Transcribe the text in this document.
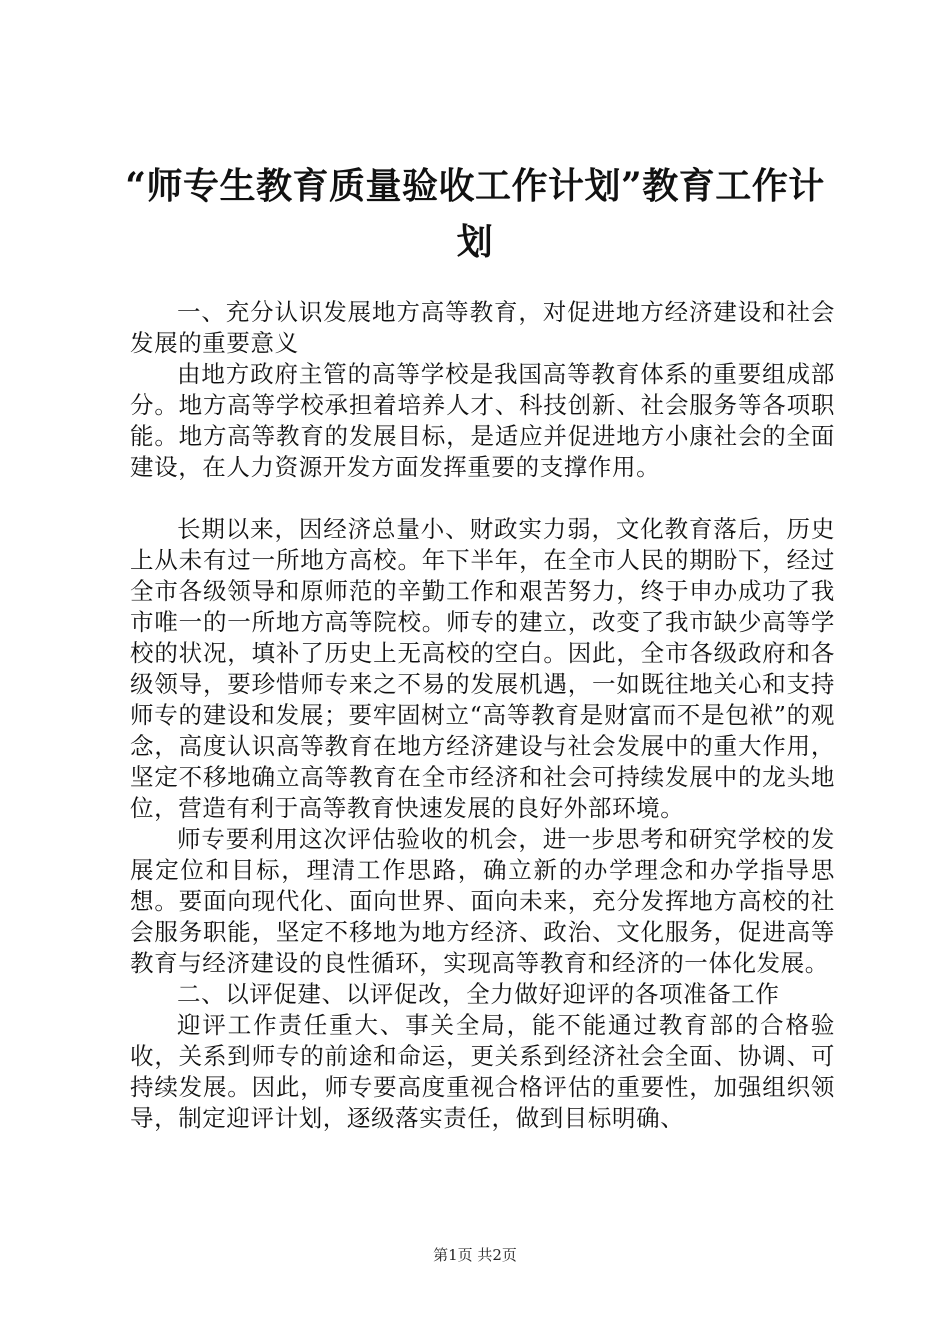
“师专生教育质量验收工作计划”教育工作计划

一、充分认识发展地方高等教育，对促进地方经济建设和社会发展的重要意义

由地方政府主管的高等学校是我国高等教育体系的重要组成部分。地方高等学校承担着培养人才、科技创新、社会服务等各项职能。地方高等教育的发展目标，是适应并促进地方小康社会的全面建设，在人力资源开发方面发挥重要的支撑作用。

长期以来，因经济总量小、财政实力弱，文化教育落后，历史上从未有过一所地方高校。年下半年，在全市人民的期盼下，经过全市各级领导和原师范的辛勤工作和艰苦努力，终于申办成功了我市唯一的一所地方高等院校。师专的建立，改变了我市缺少高等学校的状况，填补了历史上无高校的空白。因此，全市各级政府和各级领导，要珍惜师专来之不易的发展机遇，一如既往地关心和支持师专的建设和发展；要牢固树立“高等教育是财富而不是包袱”的观念，高度认识高等教育在地方经济建设与社会发展中的重大作用，坚定不移地确立高等教育在全市经济和社会可持续发展中的龙头地位，营造有利于高等教育快速发展的良好外部环境。

师专要利用这次评估验收的机会，进一步思考和研究学校的发展定位和目标，理清工作思路，确立新的办学理念和办学指导思想。要面向现代化、面向世界、面向未来，充分发挥地方高校的社会服务职能，坚定不移地为地方经济、政治、文化服务，促进高等教育与经济建设的良性循环，实现高等教育和经济的一体化发展。

二、以评促建、以评促改，全力做好迎评的各项准备工作

迎评工作责任重大、事关全局，能不能通过教育部的合格验收，关系到师专的前途和命运，更关系到经济社会全面、协调、可持续发展。因此，师专要高度重视合格评估的重要性，加强组织领导，制定迎评计划，逐级落实责任，做到目标明确、

第1页 共2页
